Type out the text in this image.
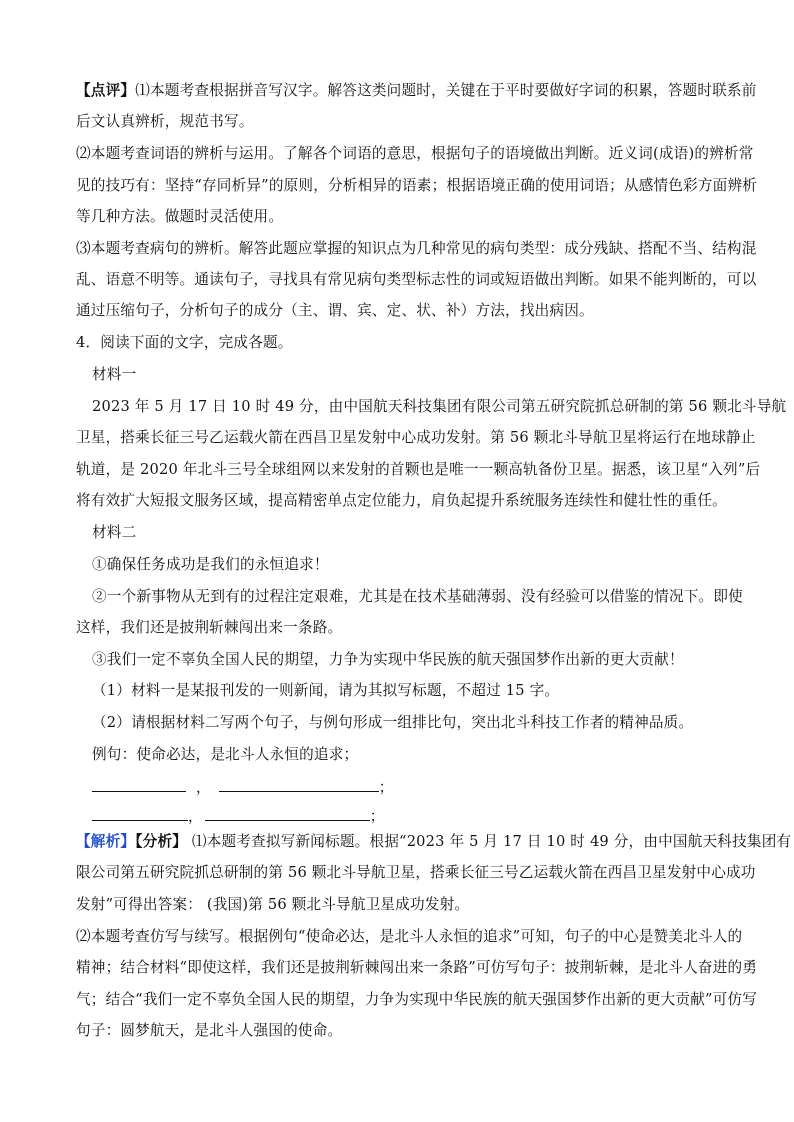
【点评】⑴本题考查根据拼音写汉字。解答这类问题时，关键在于平时要做好字词的积累，答题时联系前
后文认真辨析，规范书写。
⑵本题考查词语的辨析与运用。了解各个词语的意思，根据句子的语境做出判断。近义词(成语)的辨析常
见的技巧有：坚持“存同析异”的原则，分析相异的语素；根据语境正确的使用词语；从感情色彩方面辨析
等几种方法。做题时灵活使用。
⑶本题考查病句的辨析。解答此题应掌握的知识点为几种常见的病句类型：成分残缺、搭配不当、结构混
乱、语意不明等。通读句子，寻找具有常见病句类型标志性的词或短语做出判断。如果不能判断的，可以
通过压缩句子，分析句子的成分（主、谓、宾、定、状、补）方法，找出病因。
4．阅读下面的文字，完成各题。
材料一
2023 年 5 月 17 日 10 时 49 分，由中国航天科技集团有限公司第五研究院抓总研制的第 56 颗北斗导航
卫星，搭乘长征三号乙运载火箭在西昌卫星发射中心成功发射。第 56 颗北斗导航卫星将运行在地球静止
轨道，是 2020 年北斗三号全球组网以来发射的首颗也是唯一一颗高轨备份卫星。据悉，该卫星“入列”后
将有效扩大短报文服务区域，提高精密单点定位能力，肩负起提升系统服务连续性和健壮性的重任。
材料二
①确保任务成功是我们的永恒追求！
②一个新事物从无到有的过程注定艰难，尤其是在技术基础薄弱、没有经验可以借鉴的情况下。即使
这样，我们还是披荆斩棘闯出来一条路。
③我们一定不辜负全国人民的期望，力争为实现中华民族的航天强国梦作出新的更大贡献！
（1）材料一是某报刊发的一则新闻，请为其拟写标题，不超过 15 字。
（2）请根据材料二写两个句子，与例句形成一组排比句，突出北斗科技工作者的精神品质。
例句：使命必达，是北斗人永恒的追求；
，	；
，	；
【解析】【分析】 ⑴本题考查拟写新闻标题。根据“2023 年 5 月 17 日 10 时 49 分，由中国航天科技集团有
限公司第五研究院抓总研制的第 56 颗北斗导航卫星，搭乘长征三号乙运载火箭在西昌卫星发射中心成功
发射”可得出答案： (我国)第 56 颗北斗导航卫星成功发射。
⑵本题考查仿写与续写。根据例句“使命必达，是北斗人永恒的追求”可知，句子的中心是赞美北斗人的
精神；结合材料“即使这样，我们还是披荆斩棘闯出来一条路”可仿写句子：披荆斩棘，是北斗人奋进的勇
气；结合“我们一定不辜负全国人民的期望，力争为实现中华民族的航天强国梦作出新的更大贡献”可仿写
句子：圆梦航天，是北斗人强国的使命。
